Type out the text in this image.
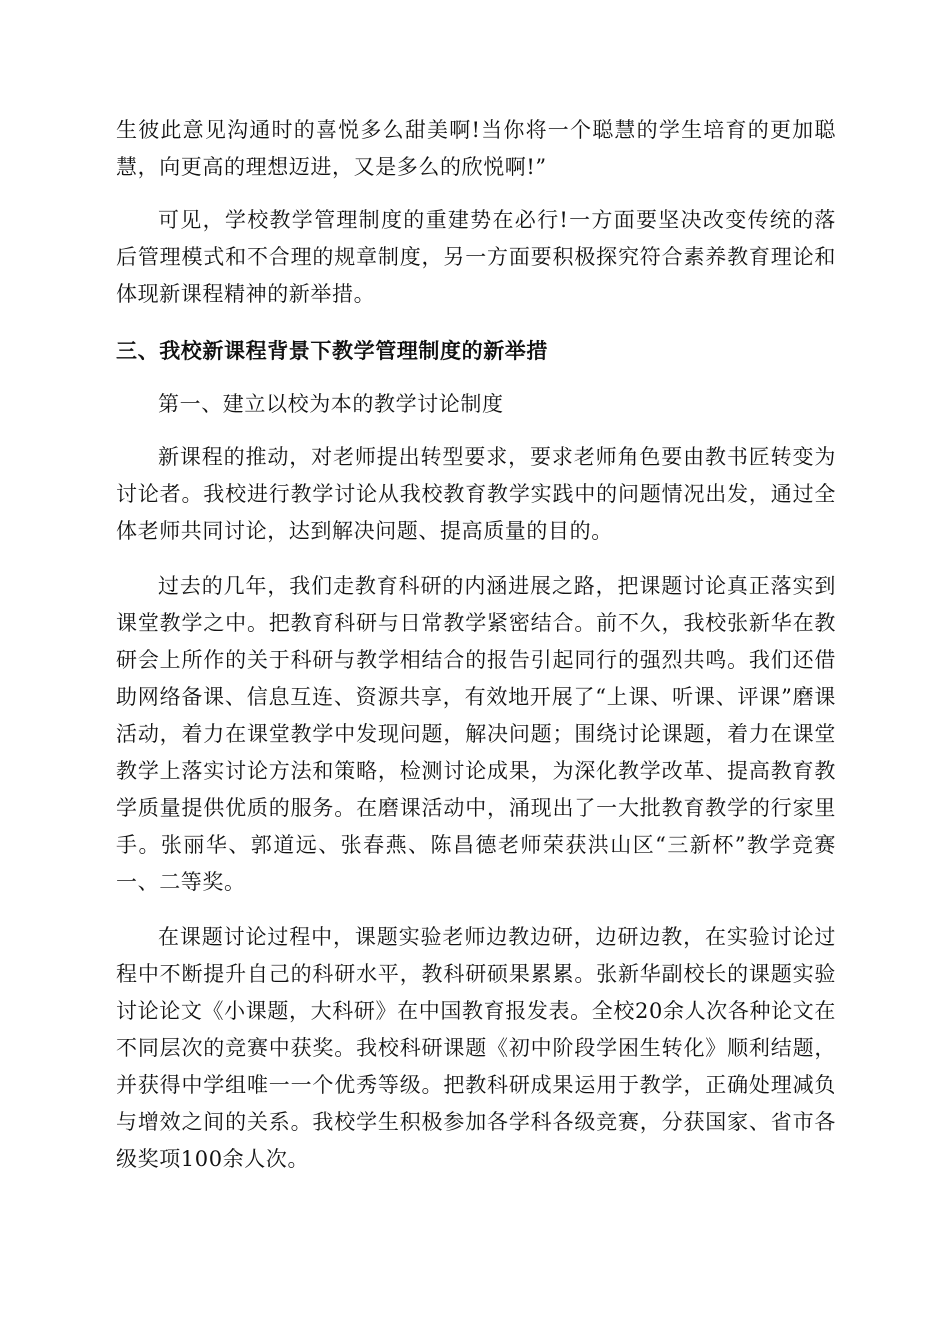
生彼此意见沟通时的喜悦多么甜美啊!当你将一个聪慧的学生培育的更加聪慧，向更高的理想迈进，又是多么的欣悦啊!”

可见，学校教学管理制度的重建势在必行!一方面要坚决改变传统的落后管理模式和不合理的规章制度，另一方面要积极探究符合素养教育理论和体现新课程精神的新举措。

三、我校新课程背景下教学管理制度的新举措

第一、建立以校为本的教学讨论制度

新课程的推动，对老师提出转型要求，要求老师角色要由教书匠转变为讨论者。我校进行教学讨论从我校教育教学实践中的问题情况出发，通过全体老师共同讨论，达到解决问题、提高质量的目的。

过去的几年，我们走教育科研的内涵进展之路，把课题讨论真正落实到课堂教学之中。把教育科研与日常教学紧密结合。前不久，我校张新华在教研会上所作的关于科研与教学相结合的报告引起同行的强烈共鸣。我们还借助网络备课、信息互连、资源共享，有效地开展了“上课、听课、评课”磨课活动，着力在课堂教学中发现问题，解决问题；围绕讨论课题，着力在课堂教学上落实讨论方法和策略，检测讨论成果，为深化教学改革、提高教育教学质量提供优质的服务。在磨课活动中，涌现出了一大批教育教学的行家里手。张丽华、郭道远、张春燕、陈昌德老师荣获洪山区“三新杯”教学竞赛一、二等奖。

在课题讨论过程中，课题实验老师边教边研，边研边教，在实验讨论过程中不断提升自己的科研水平，教科研硕果累累。张新华副校长的课题实验讨论论文《小课题，大科研》在中国教育报发表。全校20余人次各种论文在不同层次的竞赛中获奖。我校科研课题《初中阶段学困生转化》顺利结题，并获得中学组唯一一个优秀等级。把教科研成果运用于教学，正确处理减负与增效之间的关系。我校学生积极参加各学科各级竞赛，分获国家、省市各级奖项100余人次。
